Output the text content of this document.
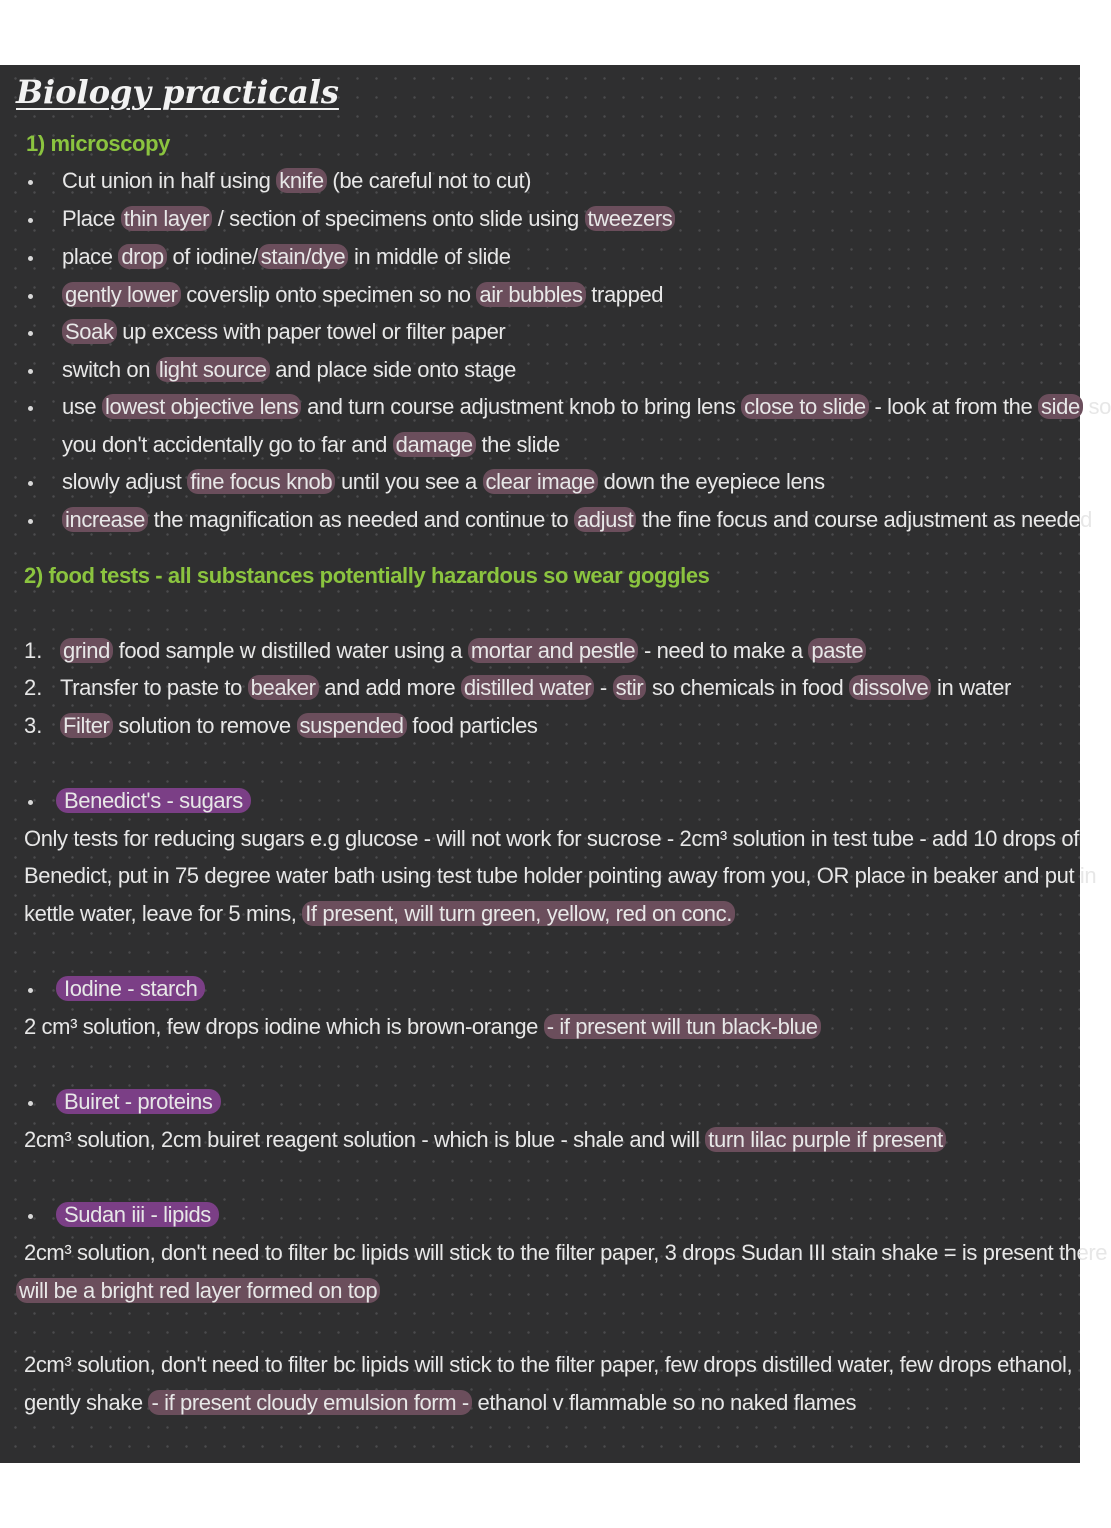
Biology practicals
1) microscopy
Cut union in half using knife (be careful not to cut)
Place thin layer / section of specimens onto slide using tweezers
place drop of iodine/ stain/dye in middle of slide
gently lower coverslip onto specimen so no air bubbles trapped
Soak up excess with paper towel or filter paper
switch on light source and place side onto stage
use lowest objective lens and turn course adjustment knob to bring lens close to slide - look at from the side so
you don't accidentally go to far and damage the slide
slowly adjust fine focus knob until you see a clear image down the eyepiece lens
increase the magnification as needed and continue to adjust the fine focus and course adjustment as needed
2) food tests - all substances potentially hazardous so wear goggles
1. grind food sample w distilled water using a mortar and pestle - need to make a paste
2. Transfer to paste to beaker and add more distilled water - stir so chemicals in food dissolve in water
3. Filter solution to remove suspended food particles
Benedict's - sugars
Only tests for reducing sugars e.g glucose - will not work for sucrose - 2cm³ solution in test tube - add 10 drops of
Benedict, put in 75 degree water bath using test tube holder pointing away from you, OR place in beaker and put in
kettle water, leave for 5 mins, If present, will turn green, yellow, red on conc.
Iodine - starch
2 cm³ solution, few drops iodine which is brown-orange - if present will tun black-blue
Buiret - proteins
2cm³ solution, 2cm buiret reagent solution - which is blue - shale and will turn lilac purple if present
Sudan iii - lipids
2cm³ solution, don't need to filter bc lipids will stick to the filter paper, 3 drops Sudan III stain shake = is present there
will be a bright red layer formed on top
2cm³ solution, don't need to filter bc lipids will stick to the filter paper, few drops distilled water, few drops ethanol,
gently shake - if present cloudy emulsion form - ethanol v flammable so no naked flames
